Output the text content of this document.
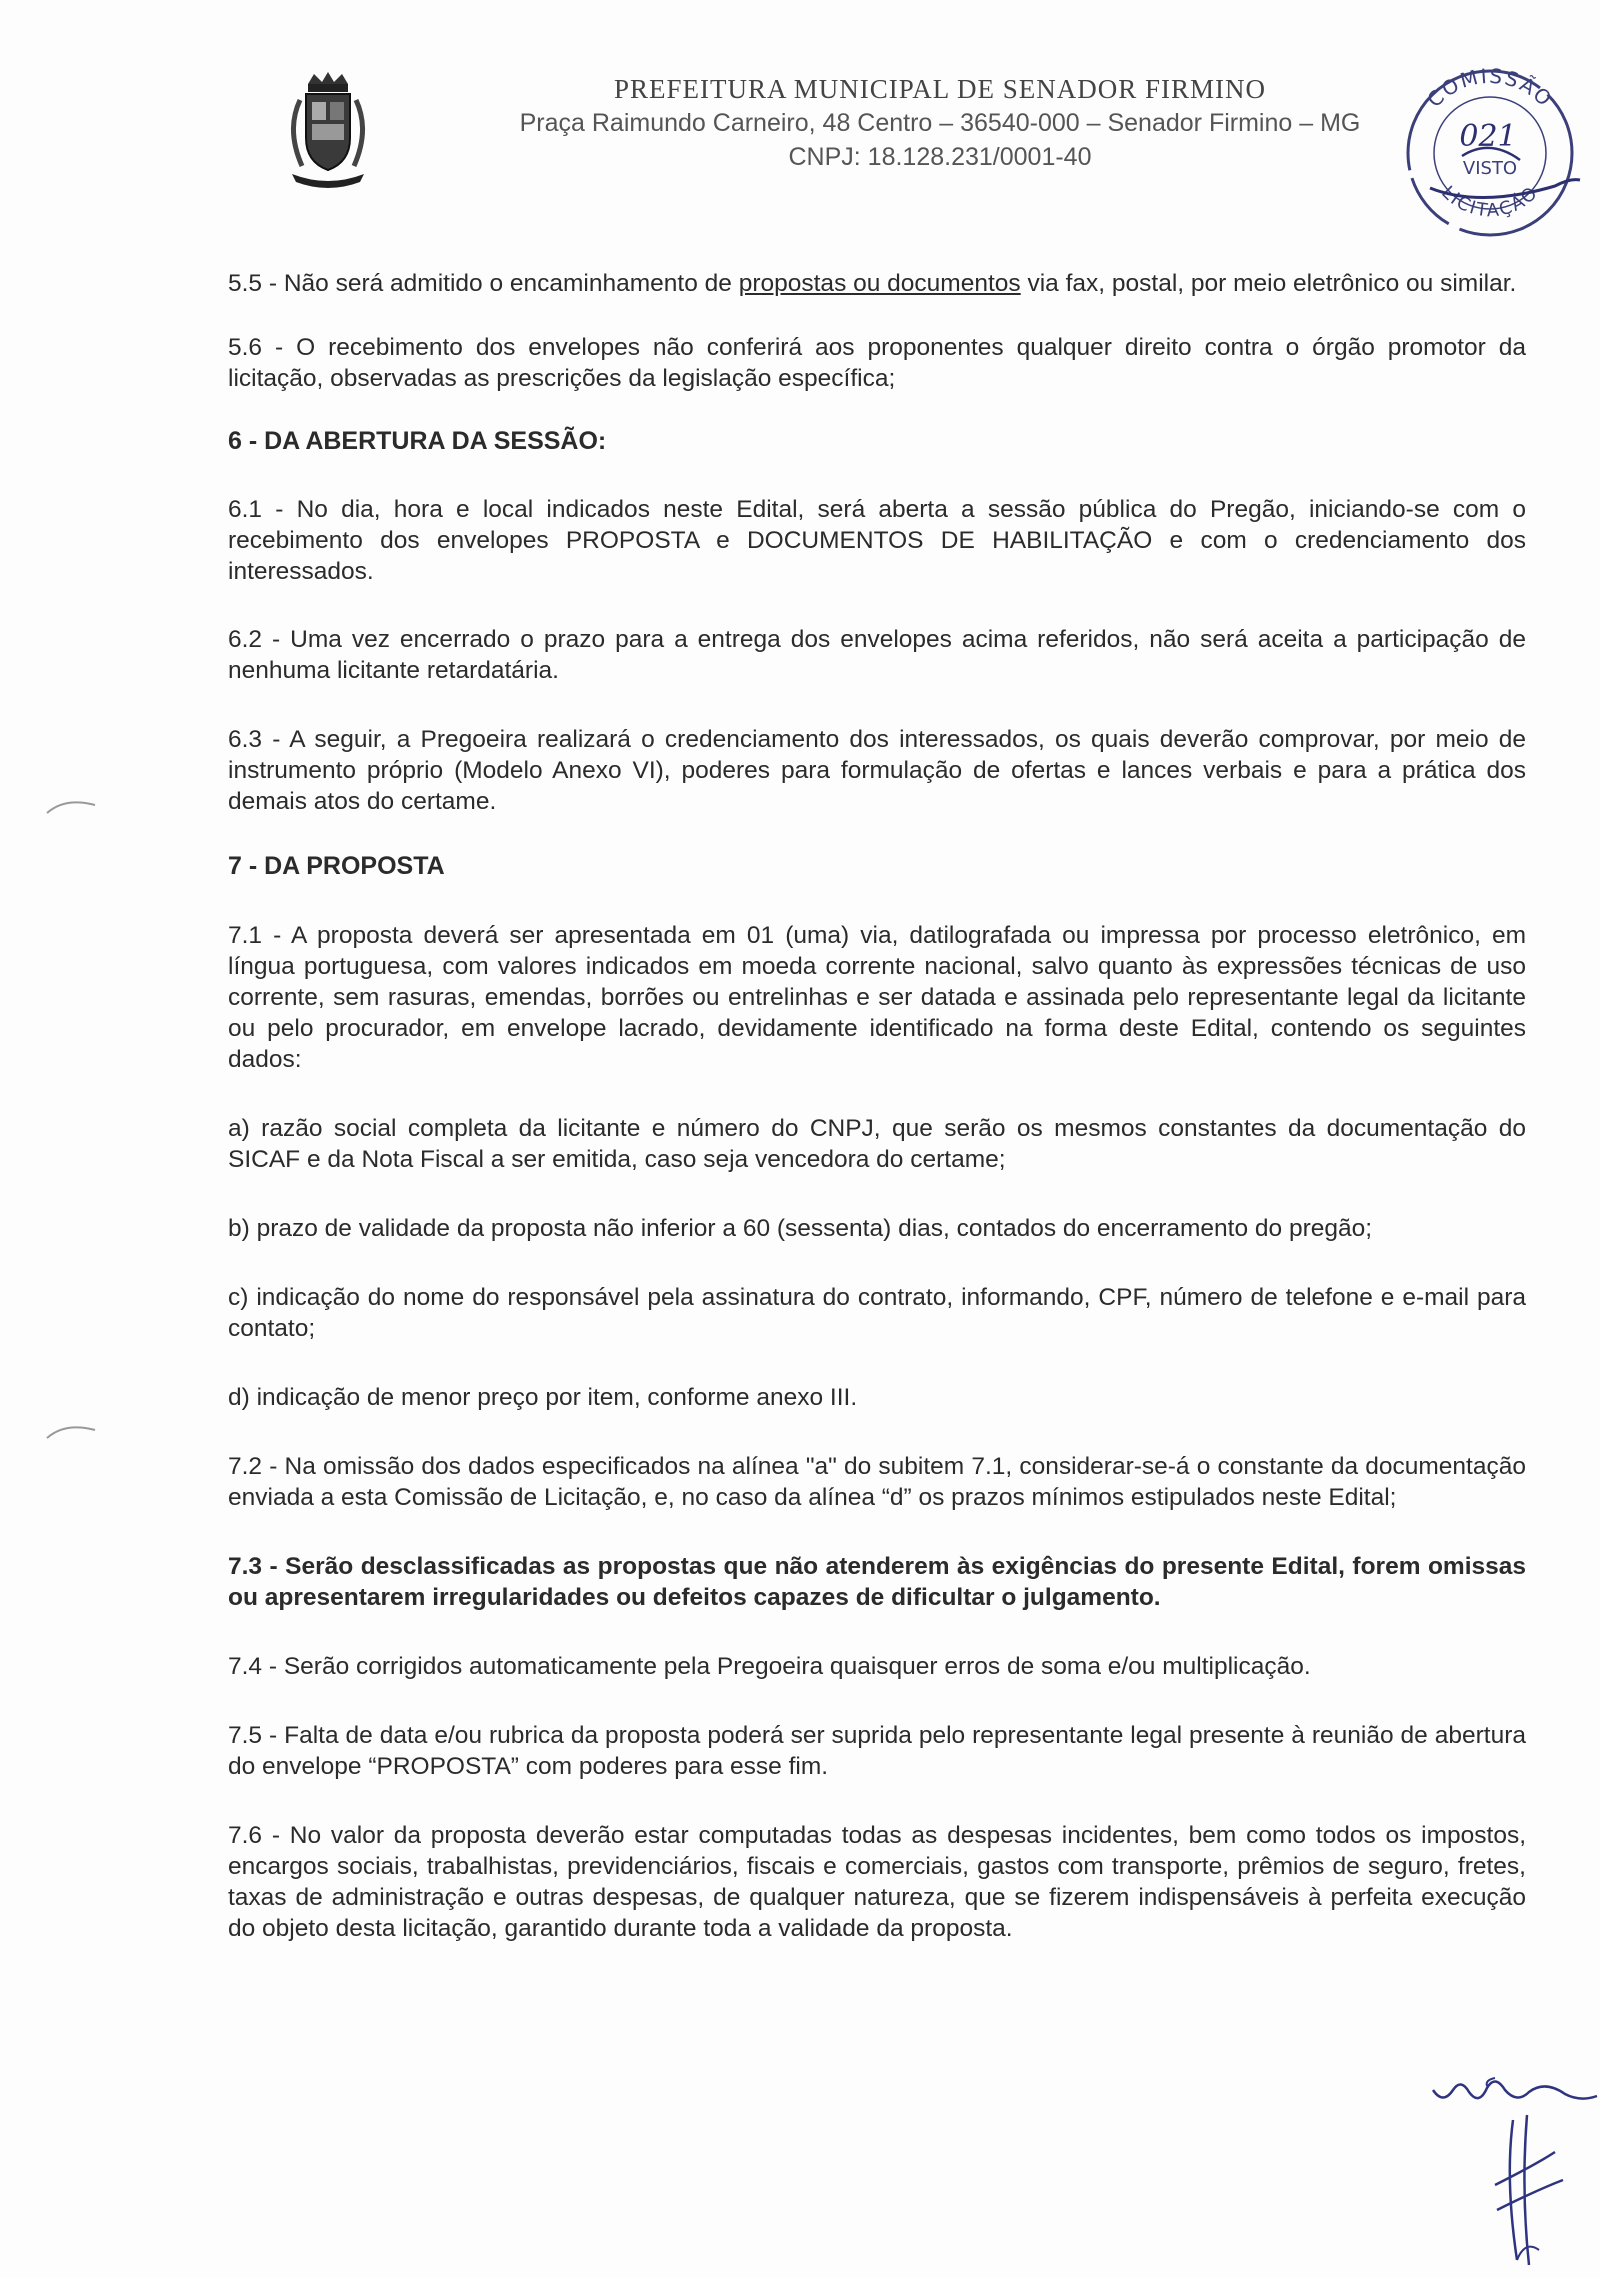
PREFEITURA MUNICIPAL DE SENADOR FIRMINO
Praça Raimundo Carneiro, 48 Centro – 36540-000 – Senador Firmino – MG
CNPJ: 18.128.231/0001-40
COMISSÃO
LICITAÇÃO
021
VISTO

5.5 - Não será admitido o encaminhamento de propostas ou documentos via fax, postal, por meio eletrônico ou similar.

5.6 - O recebimento dos envelopes não conferirá aos proponentes qualquer direito contra o órgão promotor da licitação, observadas as prescrições da legislação específica;

6 - DA ABERTURA DA SESSÃO:

6.1 - No dia, hora e local indicados neste Edital, será aberta a sessão pública do Pregão, iniciando-se com o recebimento dos envelopes PROPOSTA e DOCUMENTOS DE HABILITAÇÃO e com o credenciamento dos interessados.

6.2 - Uma vez encerrado o prazo para a entrega dos envelopes acima referidos, não será aceita a participação de nenhuma licitante retardatária.

6.3 - A seguir, a Pregoeira realizará o credenciamento dos interessados, os quais deverão comprovar, por meio de instrumento próprio (Modelo Anexo VI), poderes para formulação de ofertas e lances verbais e para a prática dos demais atos do certame.

7 - DA PROPOSTA

7.1 - A proposta deverá ser apresentada em 01 (uma) via, datilografada ou impressa por processo eletrônico, em língua portuguesa, com valores indicados em moeda corrente nacional, salvo quanto às expressões técnicas de uso corrente, sem rasuras, emendas, borrões ou entrelinhas e ser datada e assinada pelo representante legal da licitante ou pelo procurador, em envelope lacrado, devidamente identificado na forma deste Edital, contendo os seguintes dados:

a) razão social completa da licitante e número do CNPJ, que serão os mesmos constantes da documentação do SICAF e da Nota Fiscal a ser emitida, caso seja vencedora do certame;

b) prazo de validade da proposta não inferior a 60 (sessenta) dias, contados do encerramento do pregão;

c) indicação do nome do responsável pela assinatura do contrato, informando, CPF, número de telefone e e-mail para contato;

d) indicação de menor preço por item, conforme anexo III.

7.2 - Na omissão dos dados especificados na alínea "a" do subitem 7.1, considerar-se-á o constante da documentação enviada a esta Comissão de Licitação, e, no caso da alínea “d” os prazos mínimos estipulados neste Edital;

7.3 - Serão desclassificadas as propostas que não atenderem às exigências do presente Edital, forem omissas ou apresentarem irregularidades ou defeitos capazes de dificultar o julgamento.

7.4 - Serão corrigidos automaticamente pela Pregoeira quaisquer erros de soma e/ou multiplicação.

7.5 - Falta de data e/ou rubrica da proposta poderá ser suprida pelo representante legal presente à reunião de abertura do envelope “PROPOSTA” com poderes para esse fim.

7.6 - No valor da proposta deverão estar computadas todas as despesas incidentes, bem como todos os impostos, encargos sociais, trabalhistas, previdenciários, fiscais e comerciais, gastos com transporte, prêmios de seguro, fretes, taxas de administração e outras despesas, de qualquer natureza, que se fizerem indispensáveis à perfeita execução do objeto desta licitação, garantido durante toda a validade da proposta.
